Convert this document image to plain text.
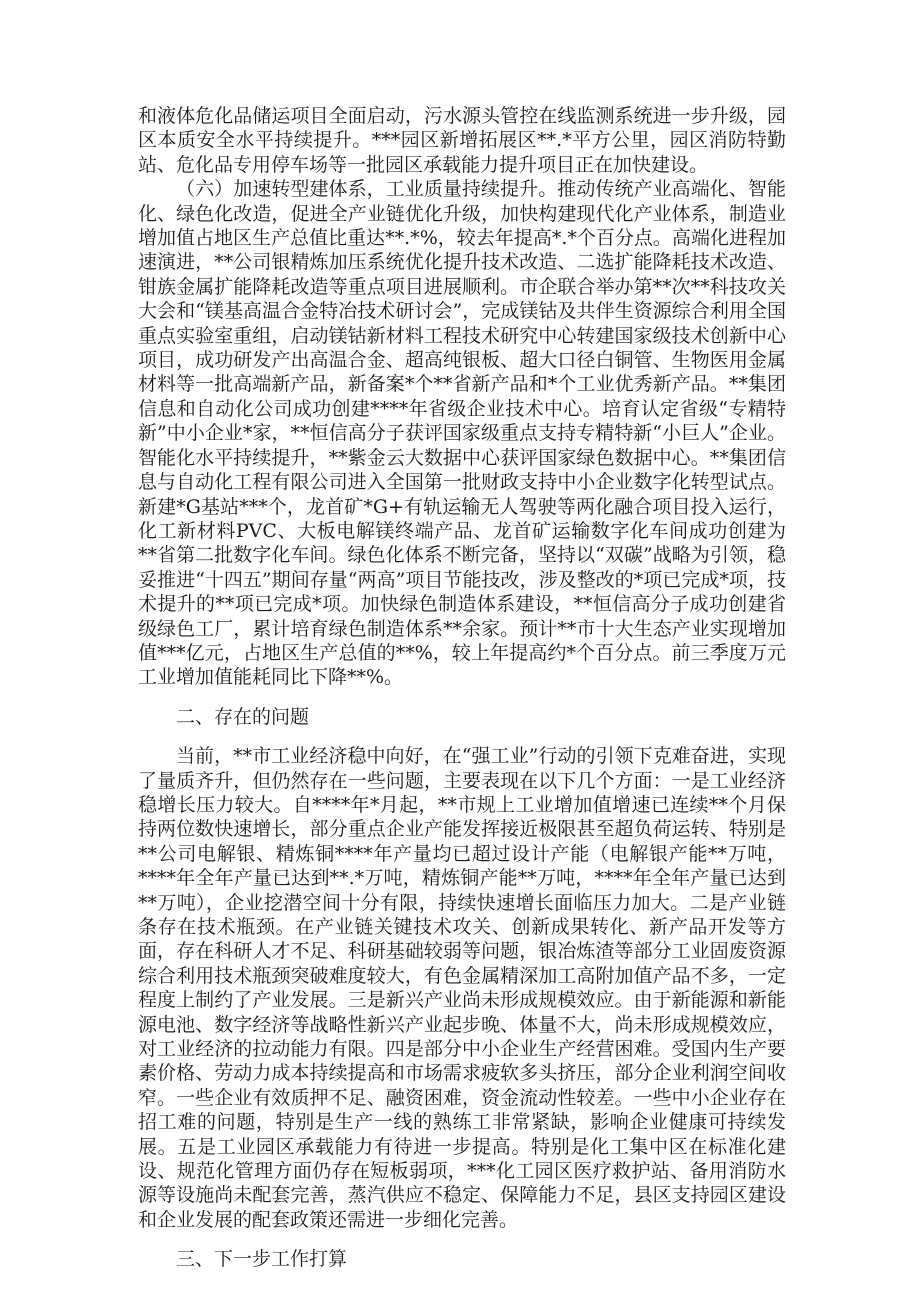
和液体危化品储运项目全面启动，污水源头管控在线监测系统进一步升级，园区本质安全水平持续提升。***园区新增拓展区**.*平方公里，园区消防特勤站、危化品专用停车场等一批园区承载能力提升项目正在加快建设。

（六）加速转型建体系，工业质量持续提升。推动传统产业高端化、智能化、绿色化改造，促进全产业链优化升级，加快构建现代化产业体系，制造业增加值占地区生产总值比重达**.*%，较去年提高*.*个百分点。高端化进程加速演进，**公司银精炼加压系统优化提升技术改造、二选扩能降耗技术改造、钳族金属扩能降耗改造等重点项目进展顺利。市企联合举办第**次**科技攻关大会和“镁基高温合金特冶技术研讨会”，完成镁钴及共伴生资源综合利用全国重点实验室重组，启动镁钴新材料工程技术研究中心转建国家级技术创新中心项目，成功研发产出高温合金、超高纯银板、超大口径白铜管、生物医用金属材料等一批高端新产品，新备案*个**省新产品和*个工业优秀新产品。**集团信息和自动化公司成功创建****年省级企业技术中心。培育认定省级“专精特新”中小企业*家，**恒信高分子获评国家级重点支持专精特新“小巨人”企业。智能化水平持续提升，**紫金云大数据中心获评国家绿色数据中心。**集团信息与自动化工程有限公司进入全国第一批财政支持中小企业数字化转型试点。新建*G基站***个，龙首矿*G+有轨运输无人驾驶等两化融合项目投入运行，化工新材料PVC、大板电解镁终端产品、龙首矿运输数字化车间成功创建为**省第二批数字化车间。绿色化体系不断完备，坚持以“双碳”战略为引领，稳妥推进“十四五”期间存量“两高”项目节能技改，涉及整改的*项已完成*项，技术提升的**项已完成*项。加快绿色制造体系建设，**恒信高分子成功创建省级绿色工厂，累计培育绿色制造体系**余家。预计**市十大生态产业实现增加值***亿元，占地区生产总值的**%，较上年提高约*个百分点。前三季度万元工业增加值能耗同比下降**%。

二、存在的问题

当前，**市工业经济稳中向好，在“强工业”行动的引领下克难奋进，实现了量质齐升，但仍然存在一些问题，主要表现在以下几个方面：一是工业经济稳增长压力较大。自****年*月起，**市规上工业增加值增速已连续**个月保持两位数快速增长，部分重点企业产能发挥接近极限甚至超负荷运转、特别是**公司电解银、精炼铜****年产量均已超过设计产能（电解银产能**万吨，****年全年产量已达到**.*万吨，精炼铜产能**万吨，****年全年产量已达到**万吨），企业挖潜空间十分有限，持续快速增长面临压力加大。二是产业链条存在技术瓶颈。在产业链关键技术攻关、创新成果转化、新产品开发等方面，存在科研人才不足、科研基础较弱等问题，银冶炼渣等部分工业固废资源综合利用技术瓶颈突破难度较大，有色金属精深加工高附加值产品不多，一定程度上制约了产业发展。三是新兴产业尚未形成规模效应。由于新能源和新能源电池、数字经济等战略性新兴产业起步晚、体量不大，尚未形成规模效应，对工业经济的拉动能力有限。四是部分中小企业生产经营困难。受国内生产要素价格、劳动力成本持续提高和市场需求疲软多头挤压，部分企业利润空间收窄。一些企业有效质押不足、融资困难，资金流动性较差。一些中小企业存在招工难的问题，特别是生产一线的熟练工非常紧缺，影响企业健康可持续发展。五是工业园区承载能力有待进一步提高。特别是化工集中区在标准化建设、规范化管理方面仍存在短板弱项，***化工园区医疗救护站、备用消防水源等设施尚未配套完善，蒸汽供应不稳定、保障能力不足，县区支持园区建设和企业发展的配套政策还需进一步细化完善。

三、下一步工作打算
